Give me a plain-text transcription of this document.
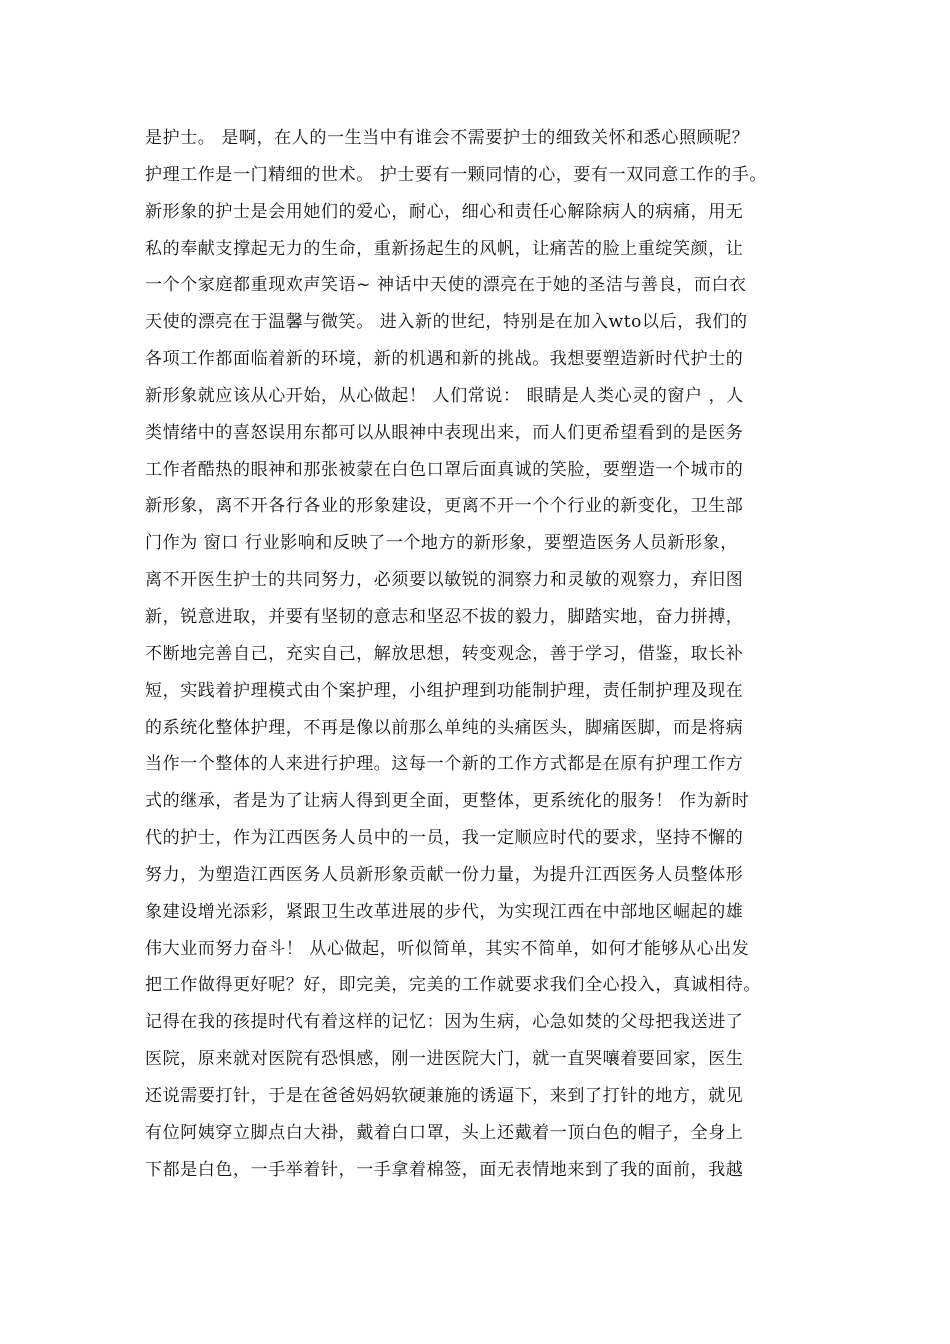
是护士。 是啊，在人的一生当中有谁会不需要护士的细致关怀和悉心照顾呢？
护理工作是一门精细的世术。 护士要有一颗同情的心，要有一双同意工作的手。
新形象的护士是会用她们的爱心，耐心，细心和责任心解除病人的病痛，用无
私的奉献支撑起无力的生命，重新扬起生的风帆，让痛苦的脸上重绽笑颜，让
一个个家庭都重现欢声笑语~ 神话中天使的漂亮在于她的圣洁与善良，而白衣
天使的漂亮在于温馨与微笑。 进入新的世纪，特别是在加入wto以后，我们的
各项工作都面临着新的环境，新的机遇和新的挑战。我想要塑造新时代护士的
新形象就应该从心开始，从心做起！ 人们常说： 眼睛是人类心灵的窗户 ，人
类情绪中的喜怒误用东都可以从眼神中表现出来，而人们更希望看到的是医务
工作者酷热的眼神和那张被蒙在白色口罩后面真诚的笑脸，要塑造一个城市的
新形象，离不开各行各业的形象建设，更离不开一个个行业的新变化，卫生部
门作为 窗口 行业影响和反映了一个地方的新形象，要塑造医务人员新形象，
离不开医生护士的共同努力，必须要以敏锐的洞察力和灵敏的观察力，弃旧图
新，锐意进取，并要有坚韧的意志和坚忍不拔的毅力，脚踏实地，奋力拼搏，
不断地完善自己，充实自己，解放思想，转变观念，善于学习，借鉴，取长补
短，实践着护理模式由个案护理，小组护理到功能制护理，责任制护理及现在
的系统化整体护理，不再是像以前那么单纯的头痛医头，脚痛医脚，而是将病
当作一个整体的人来进行护理。这每一个新的工作方式都是在原有护理工作方
式的继承，者是为了让病人得到更全面，更整体，更系统化的服务！ 作为新时
代的护士，作为江西医务人员中的一员，我一定顺应时代的要求，坚持不懈的
努力，为塑造江西医务人员新形象贡献一份力量，为提升江西医务人员整体形
象建设增光添彩，紧跟卫生改革进展的步代，为实现江西在中部地区崛起的雄
伟大业而努力奋斗！ 从心做起，听似简单，其实不简单，如何才能够从心出发
把工作做得更好呢？好，即完美，完美的工作就要求我们全心投入，真诚相待。
记得在我的孩提时代有着这样的记忆：因为生病，心急如焚的父母把我送进了
医院，原来就对医院有恐惧感，刚一进医院大门，就一直哭嚷着要回家，医生
还说需要打针，于是在爸爸妈妈软硬兼施的诱逼下，来到了打针的地方，就见
有位阿姨穿立脚点白大褂，戴着白口罩，头上还戴着一顶白色的帽子，全身上
下都是白色，一手举着针，一手拿着棉签，面无表情地来到了我的面前，我越
